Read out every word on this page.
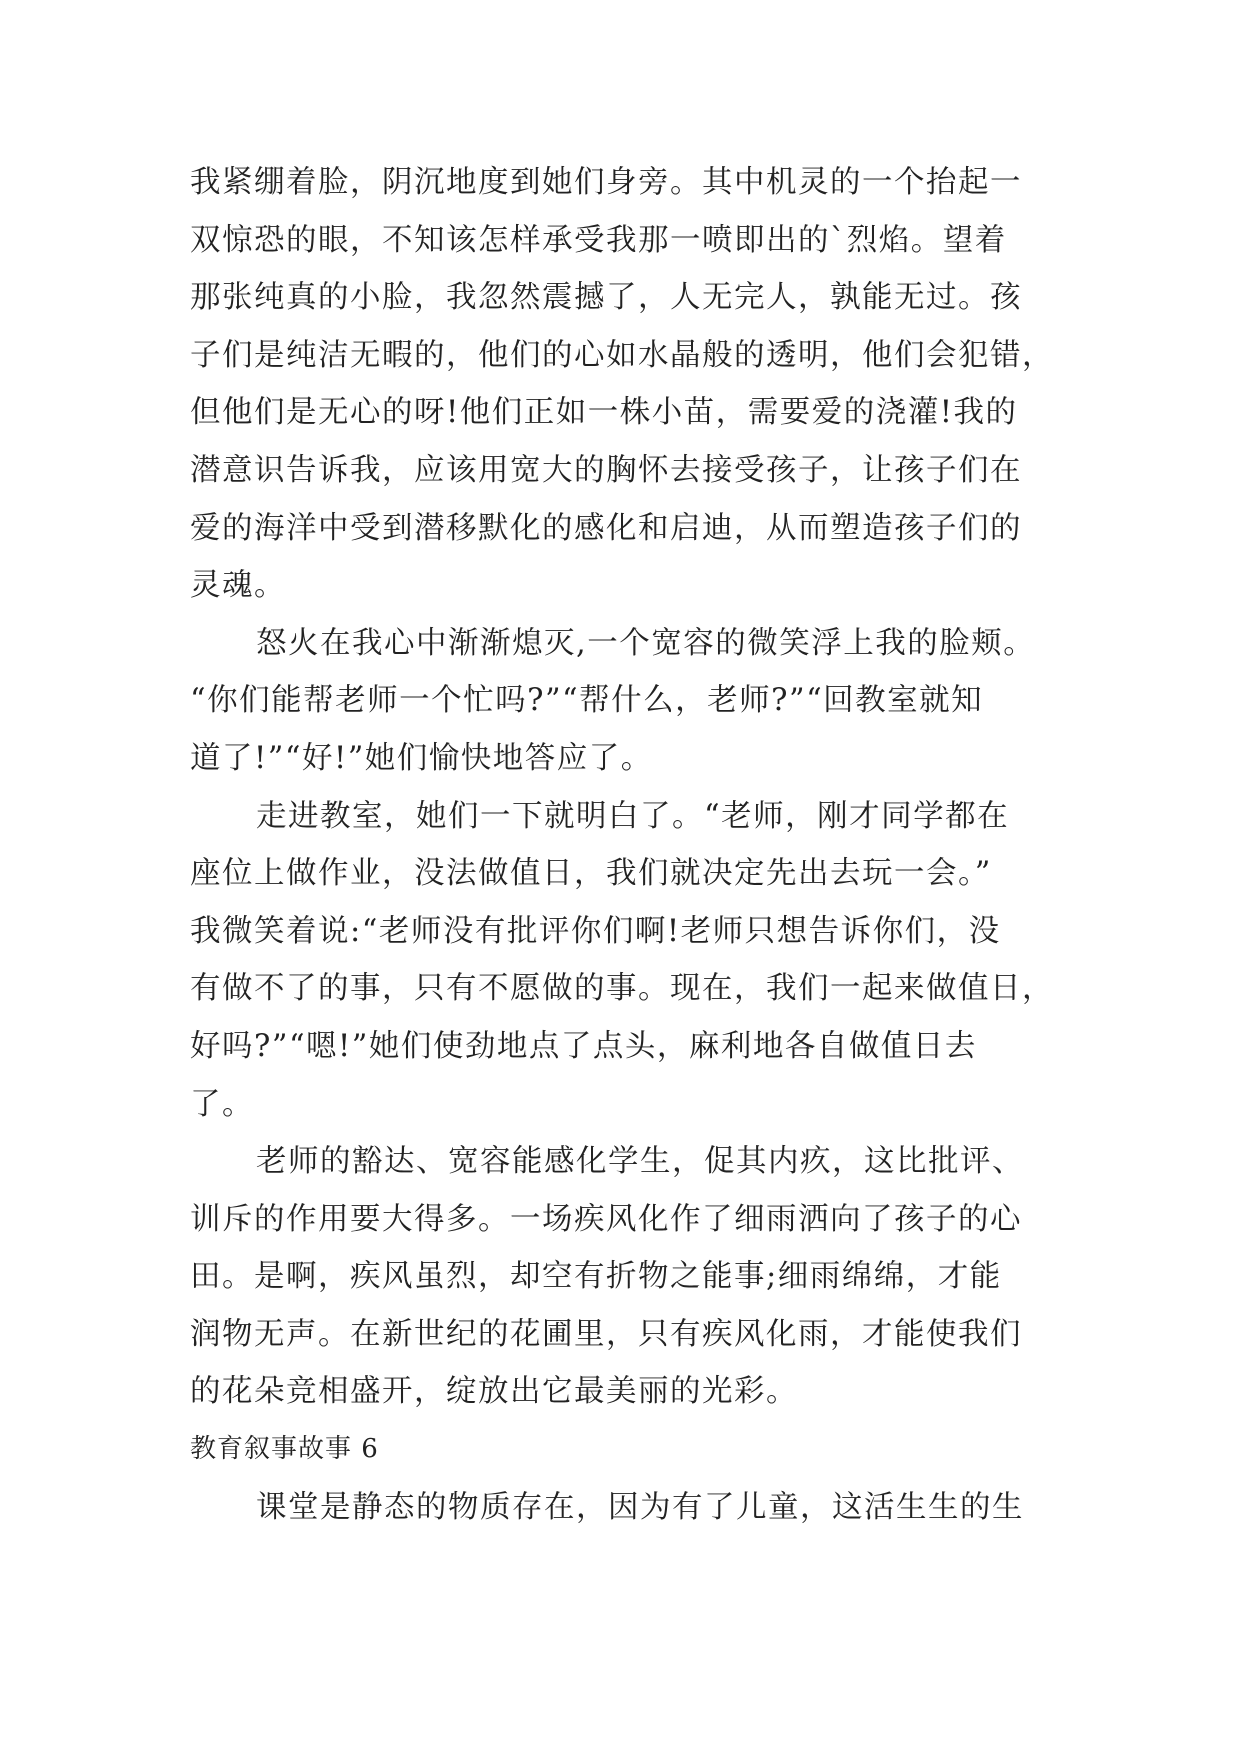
我紧绷着脸，阴沉地度到她们身旁。其中机灵的一个抬起一
双惊恐的眼，不知该怎样承受我那一喷即出的`烈焰。望着
那张纯真的小脸，我忽然震撼了，人无完人，孰能无过。孩
子们是纯洁无暇的，他们的心如水晶般的透明，他们会犯错，
但他们是无心的呀!他们正如一株小苗，需要爱的浇灌!我的
潜意识告诉我，应该用宽大的胸怀去接受孩子，让孩子们在
爱的海洋中受到潜移默化的感化和启迪，从而塑造孩子们的
灵魂。
怒火在我心中渐渐熄灭,一个宽容的微笑浮上我的脸颊。
“你们能帮老师一个忙吗?”“帮什么，老师?”“回教室就知
道了!”“好!”她们愉快地答应了。
走进教室，她们一下就明白了。“老师，刚才同学都在
座位上做作业，没法做值日，我们就决定先出去玩一会。”
我微笑着说:“老师没有批评你们啊!老师只想告诉你们，没
有做不了的事，只有不愿做的事。现在，我们一起来做值日，
好吗?”“嗯!”她们使劲地点了点头，麻利地各自做值日去
了。
老师的豁达、宽容能感化学生，促其内疚，这比批评、
训斥的作用要大得多。一场疾风化作了细雨洒向了孩子的心
田。是啊，疾风虽烈，却空有折物之能事;细雨绵绵，才能
润物无声。在新世纪的花圃里，只有疾风化雨，才能使我们
的花朵竞相盛开，绽放出它最美丽的光彩。
教育叙事故事 6
课堂是静态的物质存在，因为有了儿童，这活生生的生
